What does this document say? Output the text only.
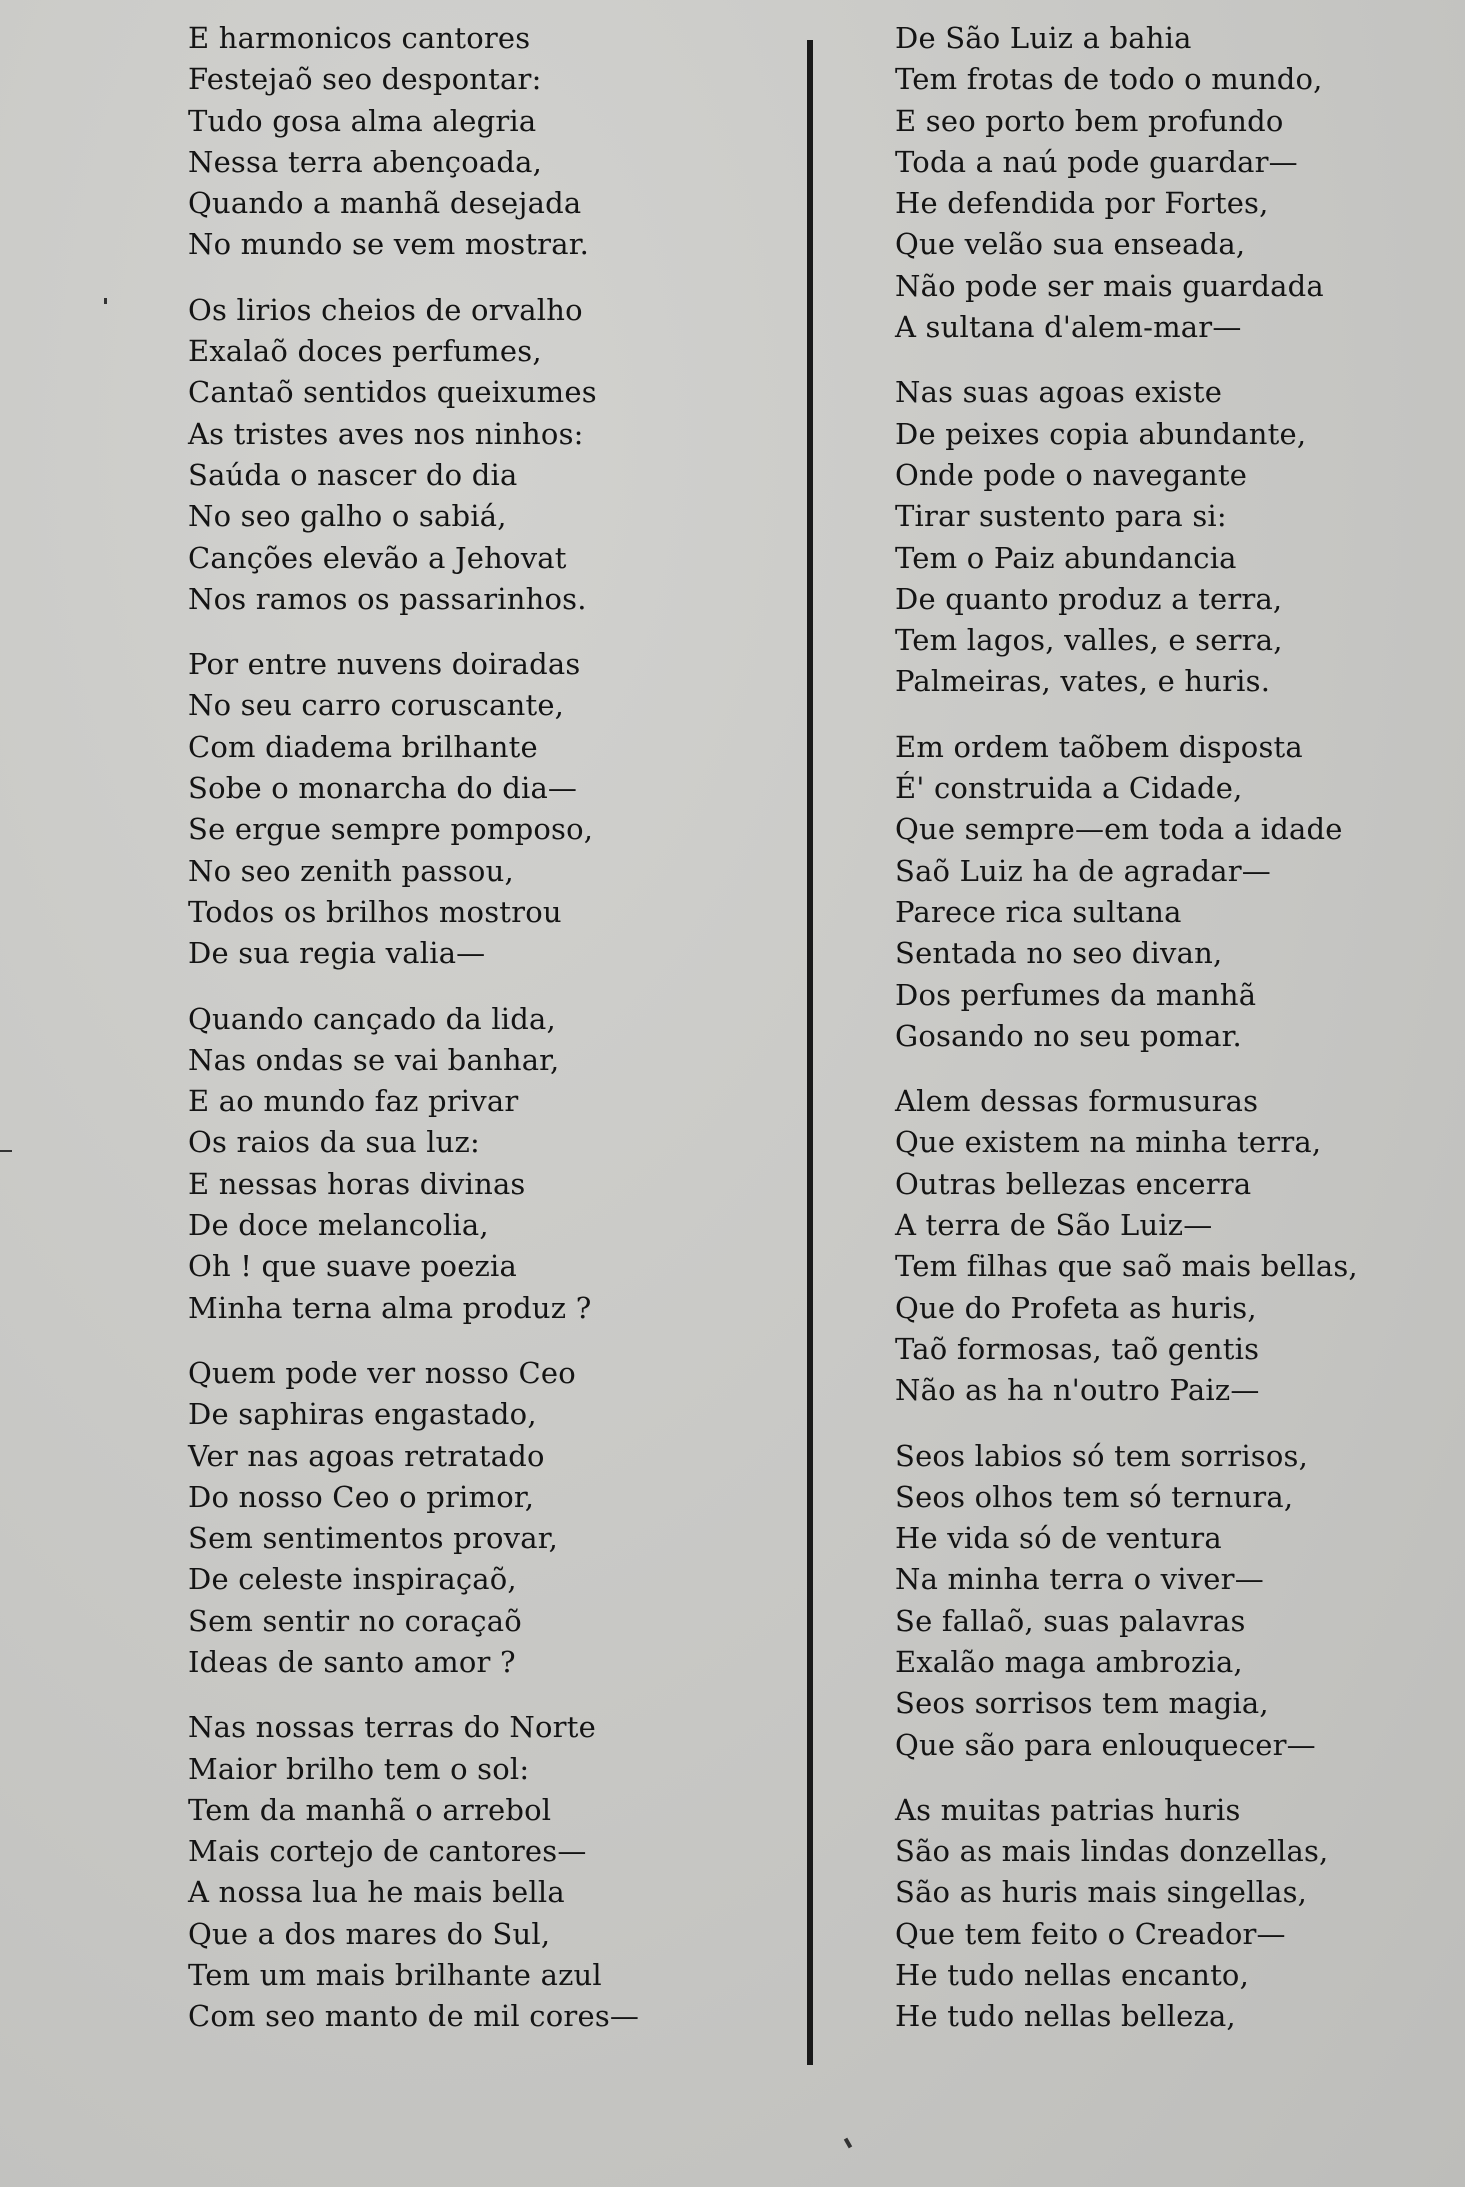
E harmonicos cantores
Festejaõ seo despontar:
Tudo gosa alma alegria
Nessa terra abençoada,
Quando a manhã desejada
No mundo se vem mostrar.
Os lirios cheios de orvalho
Exalaõ doces perfumes,
Cantaõ sentidos queixumes
As tristes aves nos ninhos:
Saúda o nascer do dia
No seo galho o sabiá,
Canções elevão a Jehovat
Nos ramos os passarinhos.
Por entre nuvens doiradas
No seu carro coruscante,
Com diadema brilhante
Sobe o monarcha do dia—
Se ergue sempre pomposo,
No seo zenith passou,
Todos os brilhos mostrou
De sua regia valia—
Quando cançado da lida,
Nas ondas se vai banhar,
E ao mundo faz privar
Os raios da sua luz:
E nessas horas divinas
De doce melancolia,
Oh ! que suave poezia
Minha terna alma produz ?
Quem pode ver nosso Ceo
De saphiras engastado,
Ver nas agoas retratado
Do nosso Ceo o primor,
Sem sentimentos provar,
De celeste inspiraçaõ,
Sem sentir no coraçaõ
Ideas de santo amor ?
Nas nossas terras do Norte
Maior brilho tem o sol:
Tem da manhã o arrebol
Mais cortejo de cantores—
A nossa lua he mais bella
Que a dos mares do Sul,
Tem um mais brilhante azul
Com seo manto de mil cores—
De São Luiz a bahia
Tem frotas de todo o mundo,
E seo porto bem profundo
Toda a naú pode guardar—
He defendida por Fortes,
Que velão sua enseada,
Não pode ser mais guardada
A sultana d'alem-mar—
Nas suas agoas existe
De peixes copia abundante,
Onde pode o navegante
Tirar sustento para si:
Tem o Paiz abundancia
De quanto produz a terra,
Tem lagos, valles, e serra,
Palmeiras, vates, e huris.
Em ordem taõbem disposta
É' construida a Cidade,
Que sempre—em toda a idade
Saõ Luiz ha de agradar—
Parece rica sultana
Sentada no seo divan,
Dos perfumes da manhã
Gosando no seu pomar.
Alem dessas formusuras
Que existem na minha terra,
Outras bellezas encerra
A terra de São Luiz—
Tem filhas que saõ mais bellas,
Que do Profeta as huris,
Taõ formosas, taõ gentis
Não as ha n'outro Paiz—
Seos labios só tem sorrisos,
Seos olhos tem só ternura,
He vida só de ventura
Na minha terra o viver—
Se fallaõ, suas palavras
Exalão maga ambrozia,
Seos sorrisos tem magia,
Que são para enlouquecer—
As muitas patrias huris
São as mais lindas donzellas,
São as huris mais singellas,
Que tem feito o Creador—
He tudo nellas encanto,
He tudo nellas belleza,
